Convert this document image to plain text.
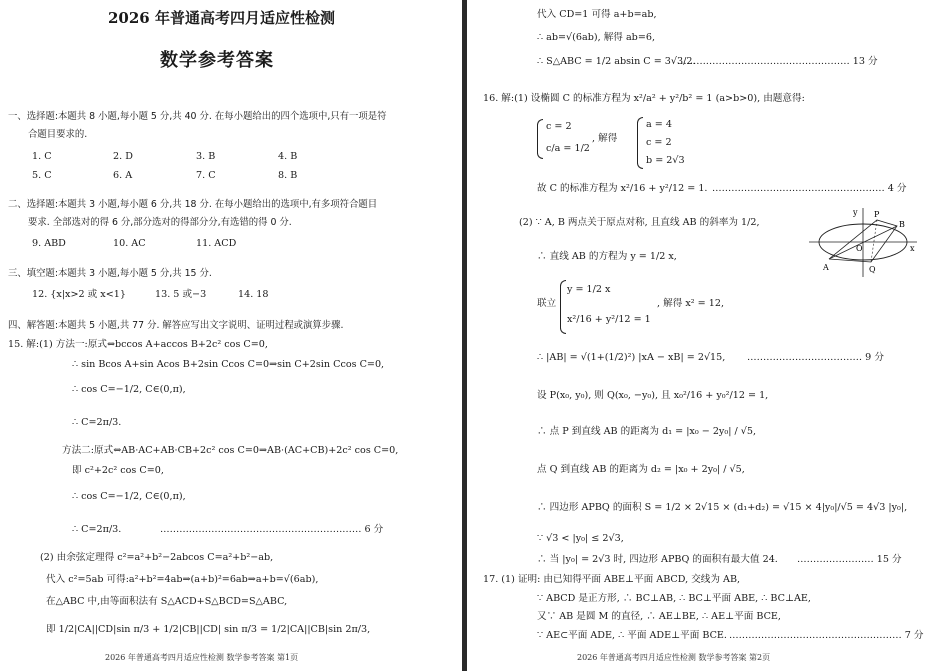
2026 年普通高考四月适应性检测
数学参考答案
一、选择题:本题共 8 小题,每小题 5 分,共 40 分. 在每小题给出的四个选项中,只有一项是符
合题目要求的.
1. C	2. D	3. B	4. B
5. C	6. A	7. C	8. B
二、选择题:本题共 3 小题,每小题 6 分,共 18 分. 在每小题给出的选项中,有多项符合题目
要求. 全部选对的得 6 分,部分选对的得部分分,有选错的得 0 分.
9. ABD	10. AC	11. ACD
三、填空题:本题共 3 小题,每小题 5 分,共 15 分.
12. {x|x>2 或 x<1}	13. 5 或−3	14. 18
四、解答题:本题共 5 小题,共 77 分. 解答应写出文字说明、证明过程或演算步骤.
15. 解:(1) 方法一:原式⇔bccos A+accos B+2c² cos C=0,
∴ sin Bcos A+sin Acos B+2sin Ccos C=0⇒sin C+2sin Ccos C=0,
∴ cos C=−1/2, C∈(0,π),
∴ C=2π/3.
方法二:原式⇔AB·AC+AB·CB+2c² cos C=0⇒AB·(AC+CB)+2c² cos C=0,
即 c²+2c² cos C=0,
∴ cos C=−1/2, C∈(0,π),
∴ C=2π/3.	……………………………………………………… 6 分
(2) 由余弦定理得 c²=a²+b²−2abcos C=a²+b²−ab,
代入 c²=5ab 可得:a²+b²=4ab⇒(a+b)²=6ab⇒a+b=√(6ab),
在△ABC 中,由等面积法有 S△ACD+S△BCD=S△ABC,
即 1/2|CA||CD|sin π/3 + 1/2|CB||CD| sin π/3 = 1/2|CA||CB|sin 2π/3,
2026 年普通高考四月适应性检测 数学参考答案 第1页
代入 CD=1 可得 a+b=ab,
∴ ab=√(6ab), 解得 ab=6,
∴ S△ABC = 1/2 absin C = 3√3/2.
……………………………………………… 13 分
16. 解:(1) 设椭圆 C 的标准方程为 x²/a² + y²/b² = 1 (a>b>0), 由题意得:
c = 2
c/a = 1/2
, 解得
a = 4
c = 2
b = 2√3
故 C 的标准方程为 x²/16 + y²/12 = 1. ……………………………………………… 4 分
(2) ∵ A, B 两点关于原点对称, 且直线 AB 的斜率为 1/2,
A
B
P
Q
O	x
y
∴ 直线 AB 的方程为 y = 1/2 x,
联立
y = 1/2 x
x²/16 + y²/12 = 1
, 解得 x² = 12,
∴ |AB| = √(1+(1/2)²) |xA − xB| = 2√15, ……………………………… 9 分
设 P(x₀, y₀), 则 Q(x₀, −y₀), 且 x₀²/16 + y₀²/12 = 1,
∴ 点 P 到直线 AB 的距离为 d₁ = |x₀ − 2y₀| / √5,
点 Q 到直线 AB 的距离为 d₂ = |x₀ + 2y₀| / √5,
∴ 四边形 APBQ 的面积 S = 1/2 × 2√15 × (d₁+d₂) = √15 × 4|y₀|/√5 = 4√3 |y₀|,
∵ √3 < |y₀| ≤ 2√3,
∴ 当 |y₀| = 2√3 时, 四边形 APBQ 的面积有最大值 24. …………………… 15 分
17. (1) 证明: 由已知得平面 ABE⊥平面 ABCD, 交线为 AB,
∵ ABCD 是正方形, ∴ BC⊥AB, ∴ BC⊥平面 ABE, ∴ BC⊥AE,
又∵ AB 是圆 M 的直径, ∴ AE⊥BE, ∴ AE⊥平面 BCE,
∵ AE⊂平面 ADE, ∴ 平面 ADE⊥平面 BCE. ……………………………………………… 7 分
2026 年普通高考四月适应性检测 数学参考答案 第2页
